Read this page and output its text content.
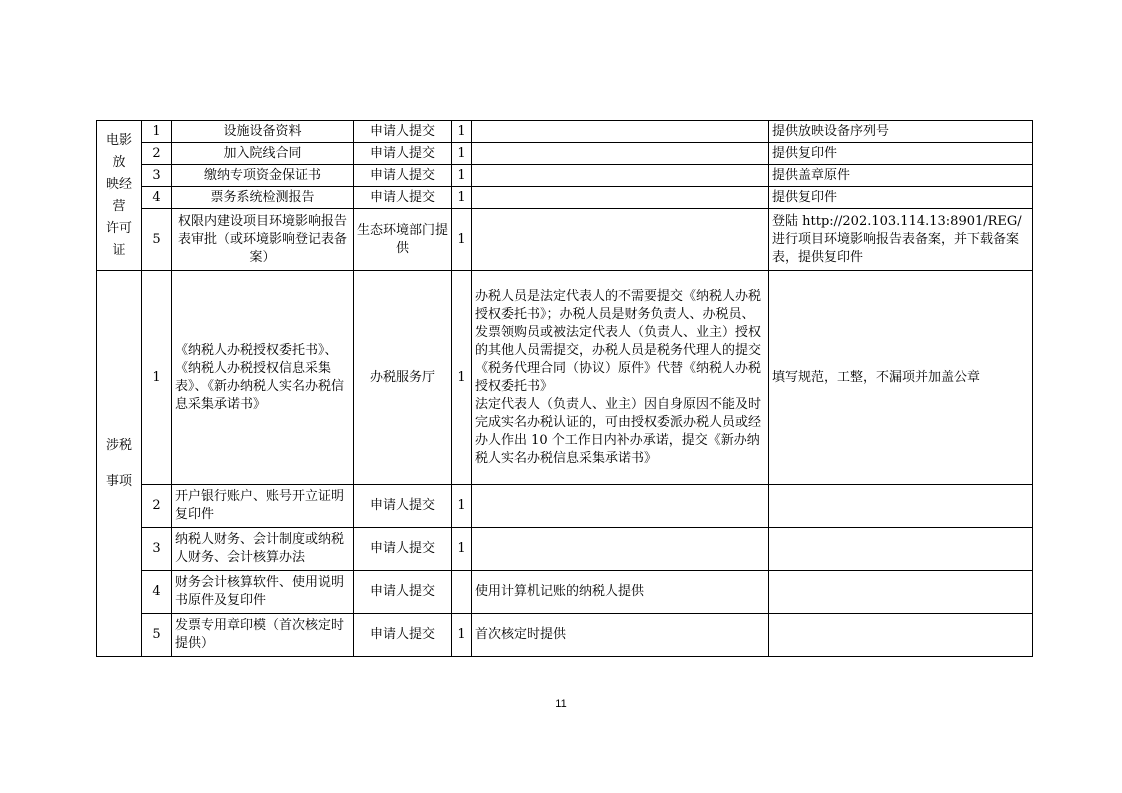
电影放
映经营
许可证	1	设施设备资料	申请人提交	1		提供放映设备序列号
	2	加入院线合同	申请人提交	1		提供复印件
	3	缴纳专项资金保证书	申请人提交	1		提供盖章原件
	4	票务系统检测报告	申请人提交	1		提供复印件
	5	权限内建设项目环境影响报告表审批（或环境影响登记表备案）	生态环境部门提供	1		登陆 http://202.103.114.13:8901/REG/进行项目环境影响报告表备案，并下载备案表，提供复印件

涉税
事项	1	《纳税人办税授权委托书》、《纳税人办税授权信息采集表》、《新办纳税人实名办税信息采集承诺书》	办税服务厅	1	办税人员是法定代表人的不需要提交《纳税人办税授权委托书》；办税人员是财务负责人、办税员、发票领购员或被法定代表人（负责人、业主）授权的其他人员需提交，办税人员是税务代理人的提交《税务代理合同（协议）原件》代替《纳税人办税授权委托书》
法定代表人（负责人、业主）因自身原因不能及时完成实名办税认证的，可由授权委派办税人员或经办人作出 10 个工作日内补办承诺，提交《新办纳税人实名办税信息采集承诺书》	填写规范，工整，不漏项并加盖公章
	2	开户银行账户、账号开立证明复印件	申请人提交	1		
	3	纳税人财务、会计制度或纳税人财务、会计核算办法	申请人提交	1		
	4	财务会计核算软件、使用说明书原件及复印件	申请人提交		使用计算机记账的纳税人提供	
	5	发票专用章印模（首次核定时提供）	申请人提交	1	首次核定时提供	
11
